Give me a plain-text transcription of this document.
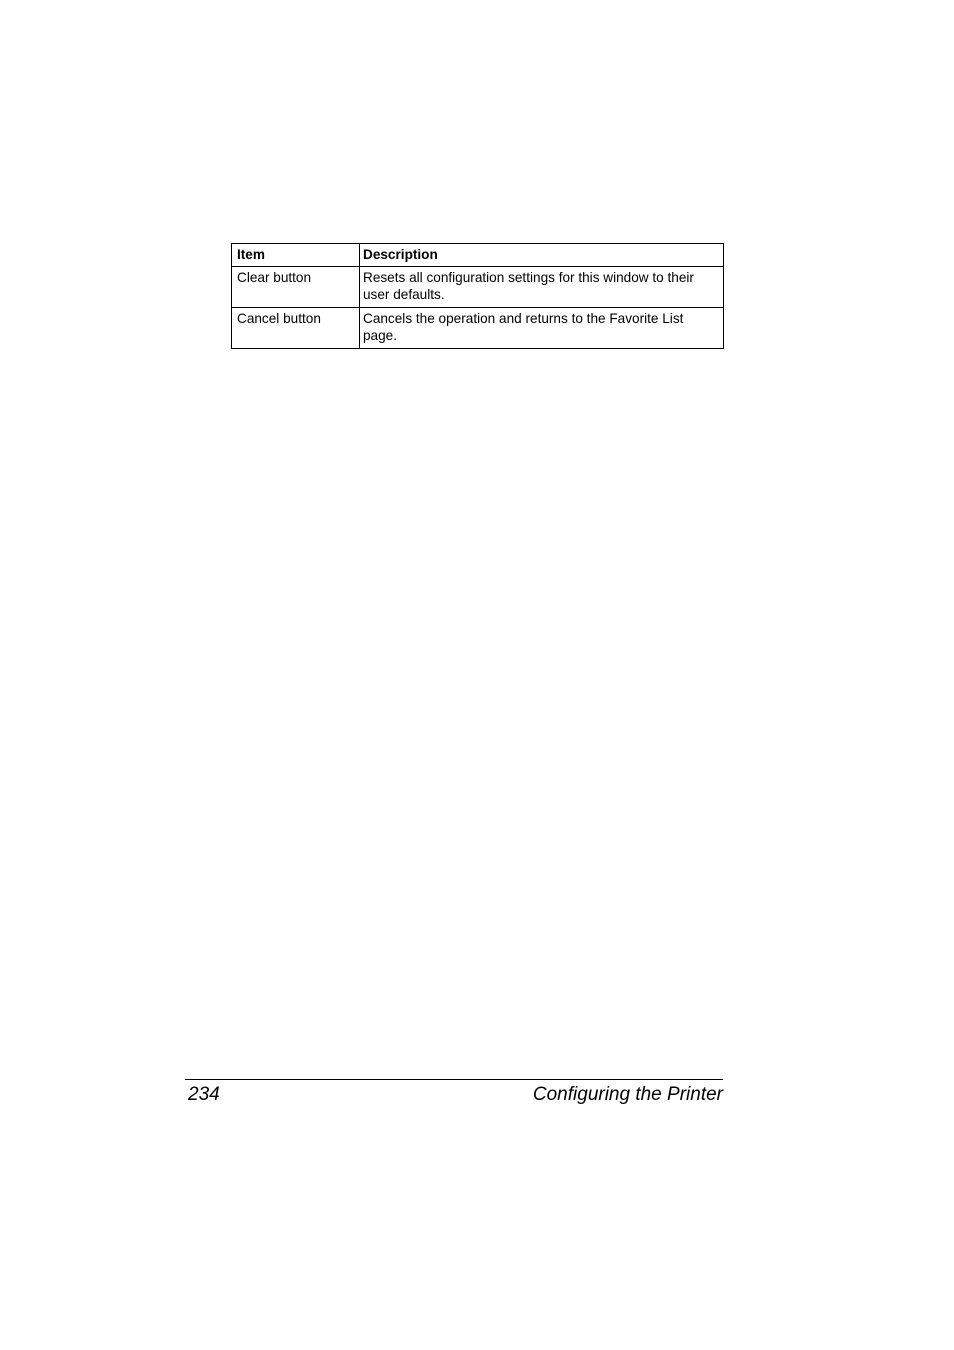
Item	Description
Clear button	Resets all configuration settings for this window to their user defaults.
Cancel button	Cancels the operation and returns to the Favorite List page.
234	Configuring the Printer
